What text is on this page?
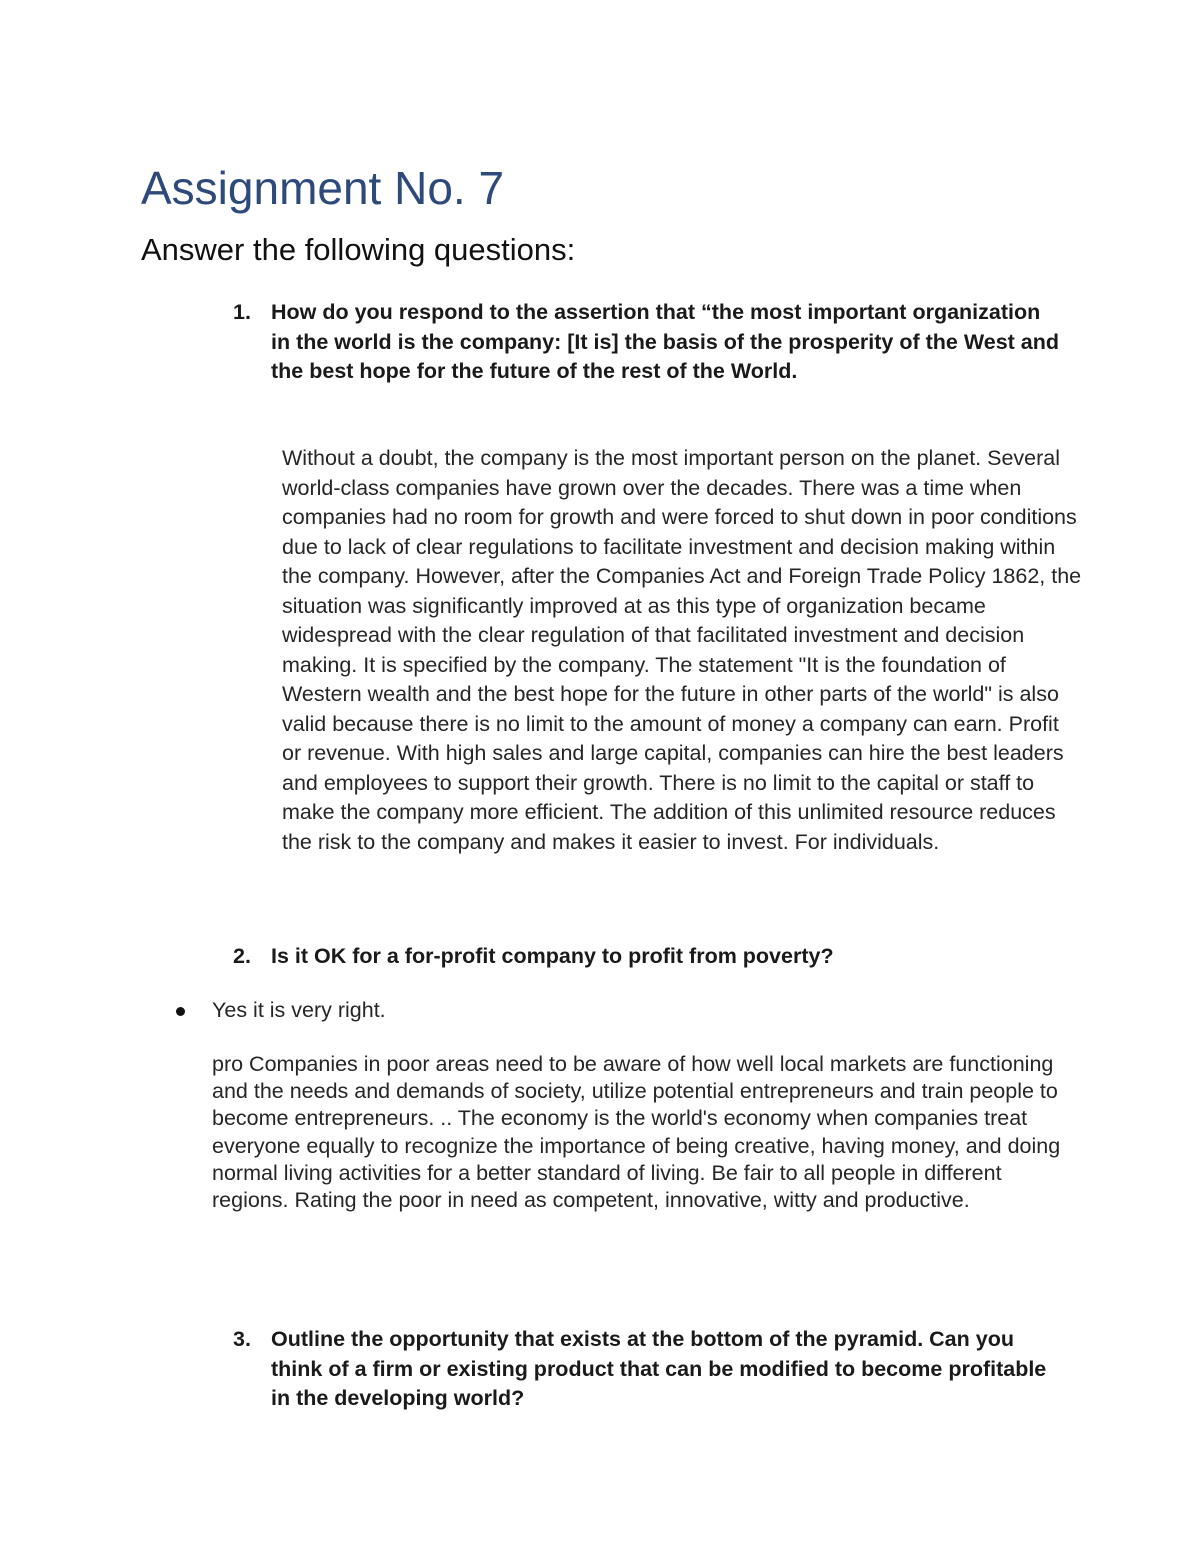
Assignment No. 7
Answer the following questions:
1. How do you respond to the assertion that “the most important organization in the world is the company: [It is] the basis of the prosperity of the West and the best hope for the future of the rest of the World.

Without a doubt, the company is the most important person on the planet. Several world-class companies have grown over the decades. There was a time when companies had no room for growth and were forced to shut down in poor conditions due to lack of clear regulations to facilitate investment and decision making within the company. However, after the Companies Act and Foreign Trade Policy 1862, the situation was significantly improved at as this type of organization became widespread with the clear regulation of that facilitated investment and decision making. It is specified by the company. The statement "It is the foundation of Western wealth and the best hope for the future in other parts of the world" is also valid because there is no limit to the amount of money a company can earn. Profit or revenue. With high sales and large capital, companies can hire the best leaders and employees to support their growth. There is no limit to the capital or staff to make the company more efficient. The addition of this unlimited resource reduces the risk to the company and makes it easier to invest. For individuals.

2. Is it OK for a for-profit company to profit from poverty?
Yes it is very right.

pro Companies in poor areas need to be aware of how well local markets are functioning and the needs and demands of society, utilize potential entrepreneurs and train people to become entrepreneurs. .. The economy is the world's economy when companies treat everyone equally to recognize the importance of being creative, having money, and doing normal living activities for a better standard of living. Be fair to all people in different regions. Rating the poor in need as competent, innovative, witty and productive.

3. Outline the opportunity that exists at the bottom of the pyramid. Can you think of a firm or existing product that can be modified to become profitable in the developing world?
